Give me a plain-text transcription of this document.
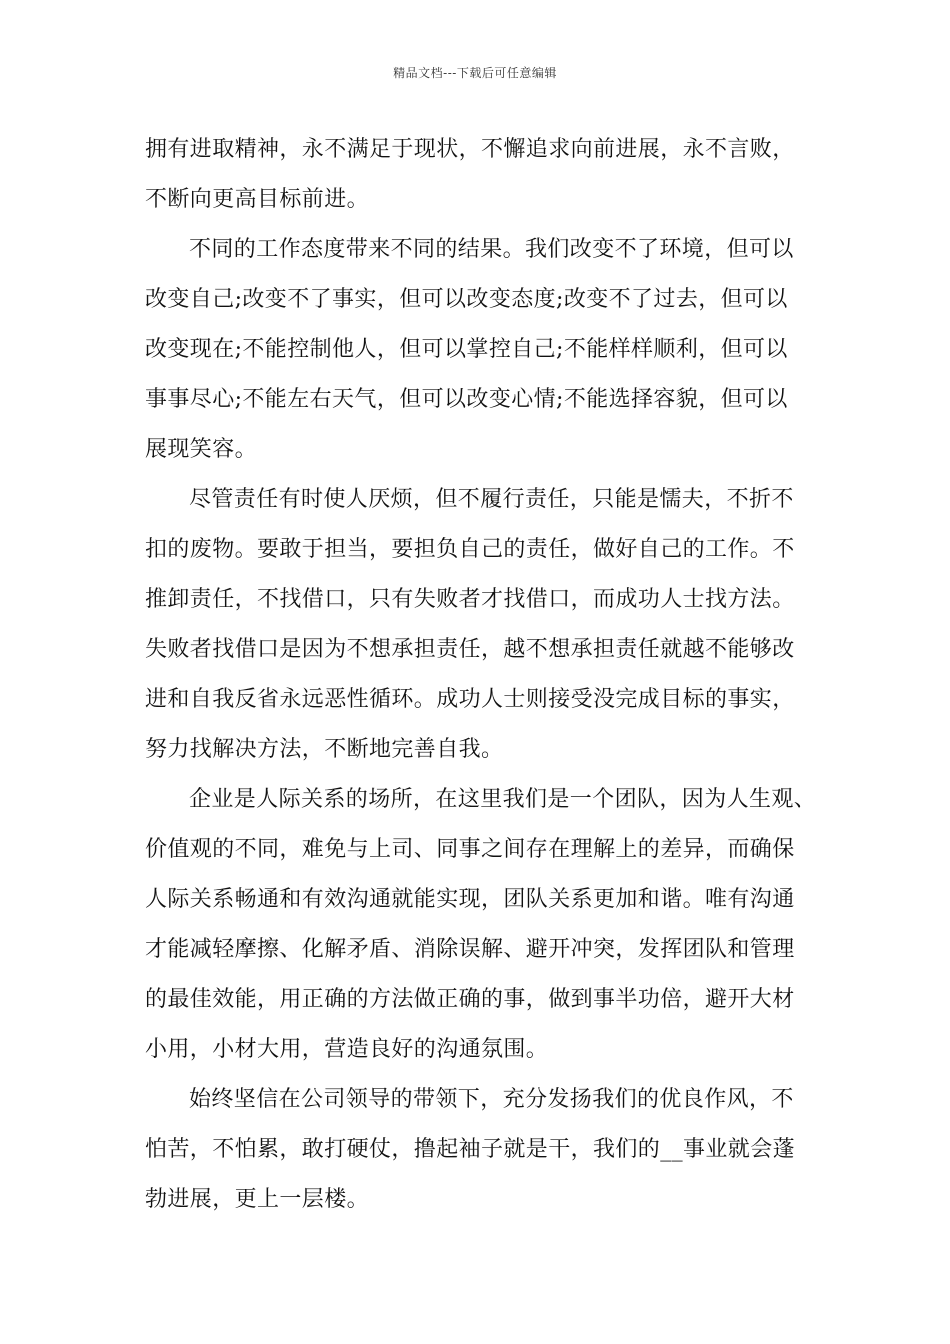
精品文档---下载后可任意编辑
拥有进取精神，永不满足于现状，不懈追求向前进展，永不言败，
不断向更高目标前进。
不同的工作态度带来不同的结果。我们改变不了环境，但可以
改变自己;改变不了事实，但可以改变态度;改变不了过去，但可以
改变现在;不能控制他人，但可以掌控自己;不能样样顺利，但可以
事事尽心;不能左右天气，但可以改变心情;不能选择容貌，但可以
展现笑容。
尽管责任有时使人厌烦，但不履行责任，只能是懦夫，不折不
扣的废物。要敢于担当，要担负自己的责任，做好自己的工作。不
推卸责任，不找借口，只有失败者才找借口，而成功人士找方法。
失败者找借口是因为不想承担责任，越不想承担责任就越不能够改
进和自我反省永远恶性循环。成功人士则接受没完成目标的事实，
努力找解决方法，不断地完善自我。
企业是人际关系的场所，在这里我们是一个团队，因为人生观、
价值观的不同，难免与上司、同事之间存在理解上的差异，而确保
人际关系畅通和有效沟通就能实现，团队关系更加和谐。唯有沟通
才能减轻摩擦、化解矛盾、消除误解、避开冲突，发挥团队和管理
的最佳效能，用正确的方法做正确的事，做到事半功倍，避开大材
小用，小材大用，营造良好的沟通氛围。
始终坚信在公司领导的带领下，充分发扬我们的优良作风，不
怕苦，不怕累，敢打硬仗，撸起袖子就是干，我们的__事业就会蓬
勃进展，更上一层楼。
